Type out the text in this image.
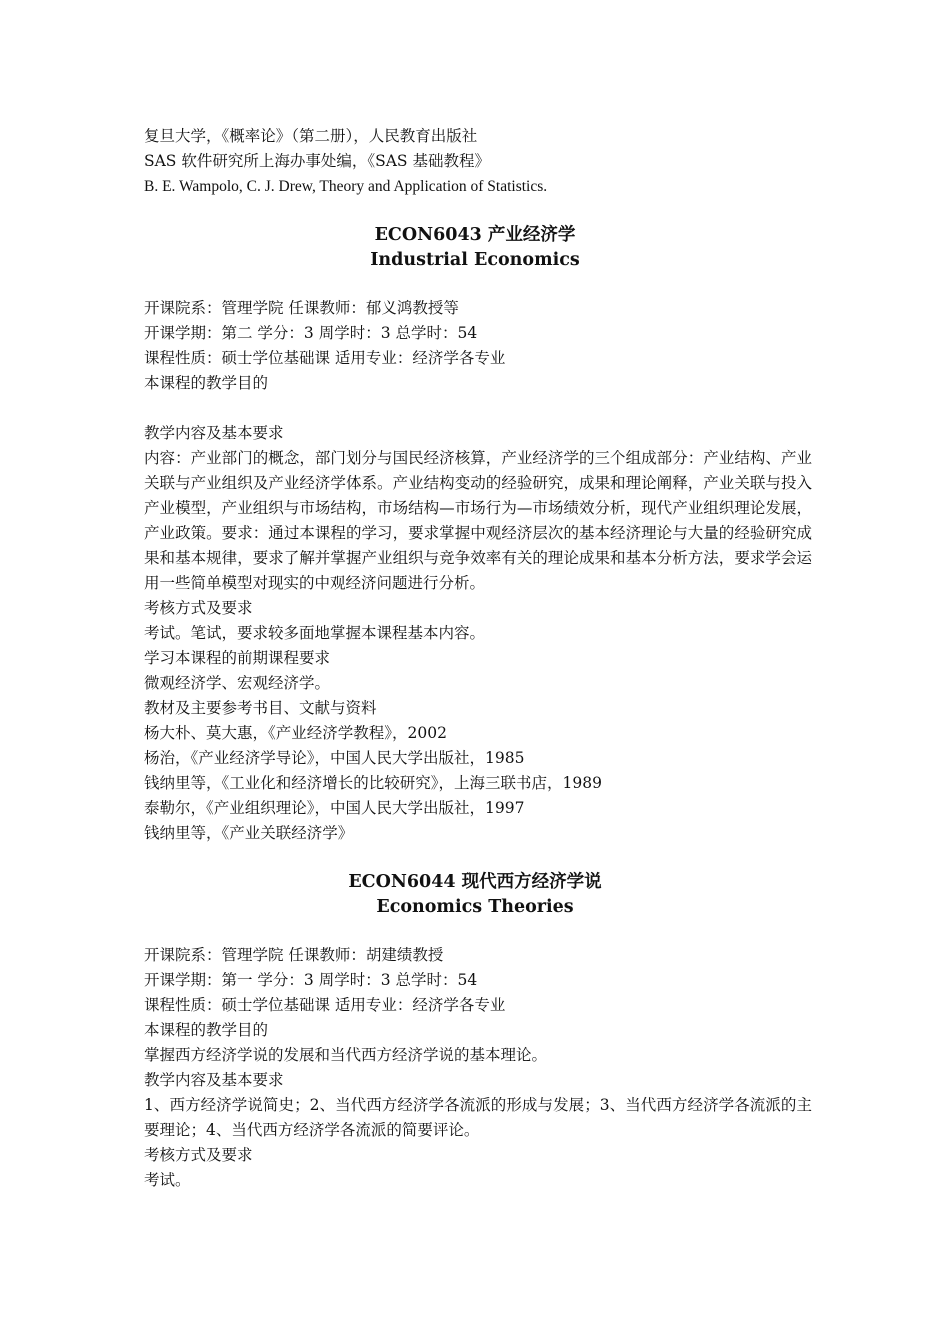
复旦大学，《概率论》（第二册），人民教育出版社
SAS 软件研究所上海办事处编，《SAS 基础教程》
B. E. Wampolo, C. J. Drew, Theory and Application of Statistics.
ECON6043 产业经济学
Industrial Economics
开课院系：管理学院 任课教师：郁义鸿教授等
开课学期：第二 学分：3 周学时：3 总学时：54
课程性质：硕士学位基础课 适用专业：经济学各专业
本课程的教学目的
教学内容及基本要求
内容：产业部门的概念，部门划分与国民经济核算，产业经济学的三个组成部分：产业结构、产业关联与产业组织及产业经济学体系。产业结构变动的经验研究，成果和理论阐释，产业关联与投入产业模型，产业组织与市场结构，市场结构—市场行为—市场绩效分析，现代产业组织理论发展，产业政策。要求：通过本课程的学习，要求掌握中观经济层次的基本经济理论与大量的经验研究成果和基本规律，要求了解并掌握产业组织与竞争效率有关的理论成果和基本分析方法，要求学会运用一些简单模型对现实的中观经济问题进行分析。
考核方式及要求
考试。笔试，要求较多面地掌握本课程基本内容。
学习本课程的前期课程要求
微观经济学、宏观经济学。
教材及主要参考书目、文献与资料
杨大朴、莫大惠，《产业经济学教程》，2002
杨治，《产业经济学导论》，中国人民大学出版社，1985
钱纳里等，《工业化和经济增长的比较研究》，上海三联书店，1989
泰勒尔，《产业组织理论》，中国人民大学出版社，1997
钱纳里等，《产业关联经济学》
ECON6044 现代西方经济学说
Economics Theories
开课院系：管理学院 任课教师：胡建绩教授
开课学期：第一 学分：3 周学时：3 总学时：54
课程性质：硕士学位基础课 适用专业：经济学各专业
本课程的教学目的
掌握西方经济学说的发展和当代西方经济学说的基本理论。
教学内容及基本要求
1、西方经济学说简史；2、当代西方经济学各流派的形成与发展；3、当代西方经济学各流派的主要理论；4、当代西方经济学各流派的简要评论。
考核方式及要求
考试。
